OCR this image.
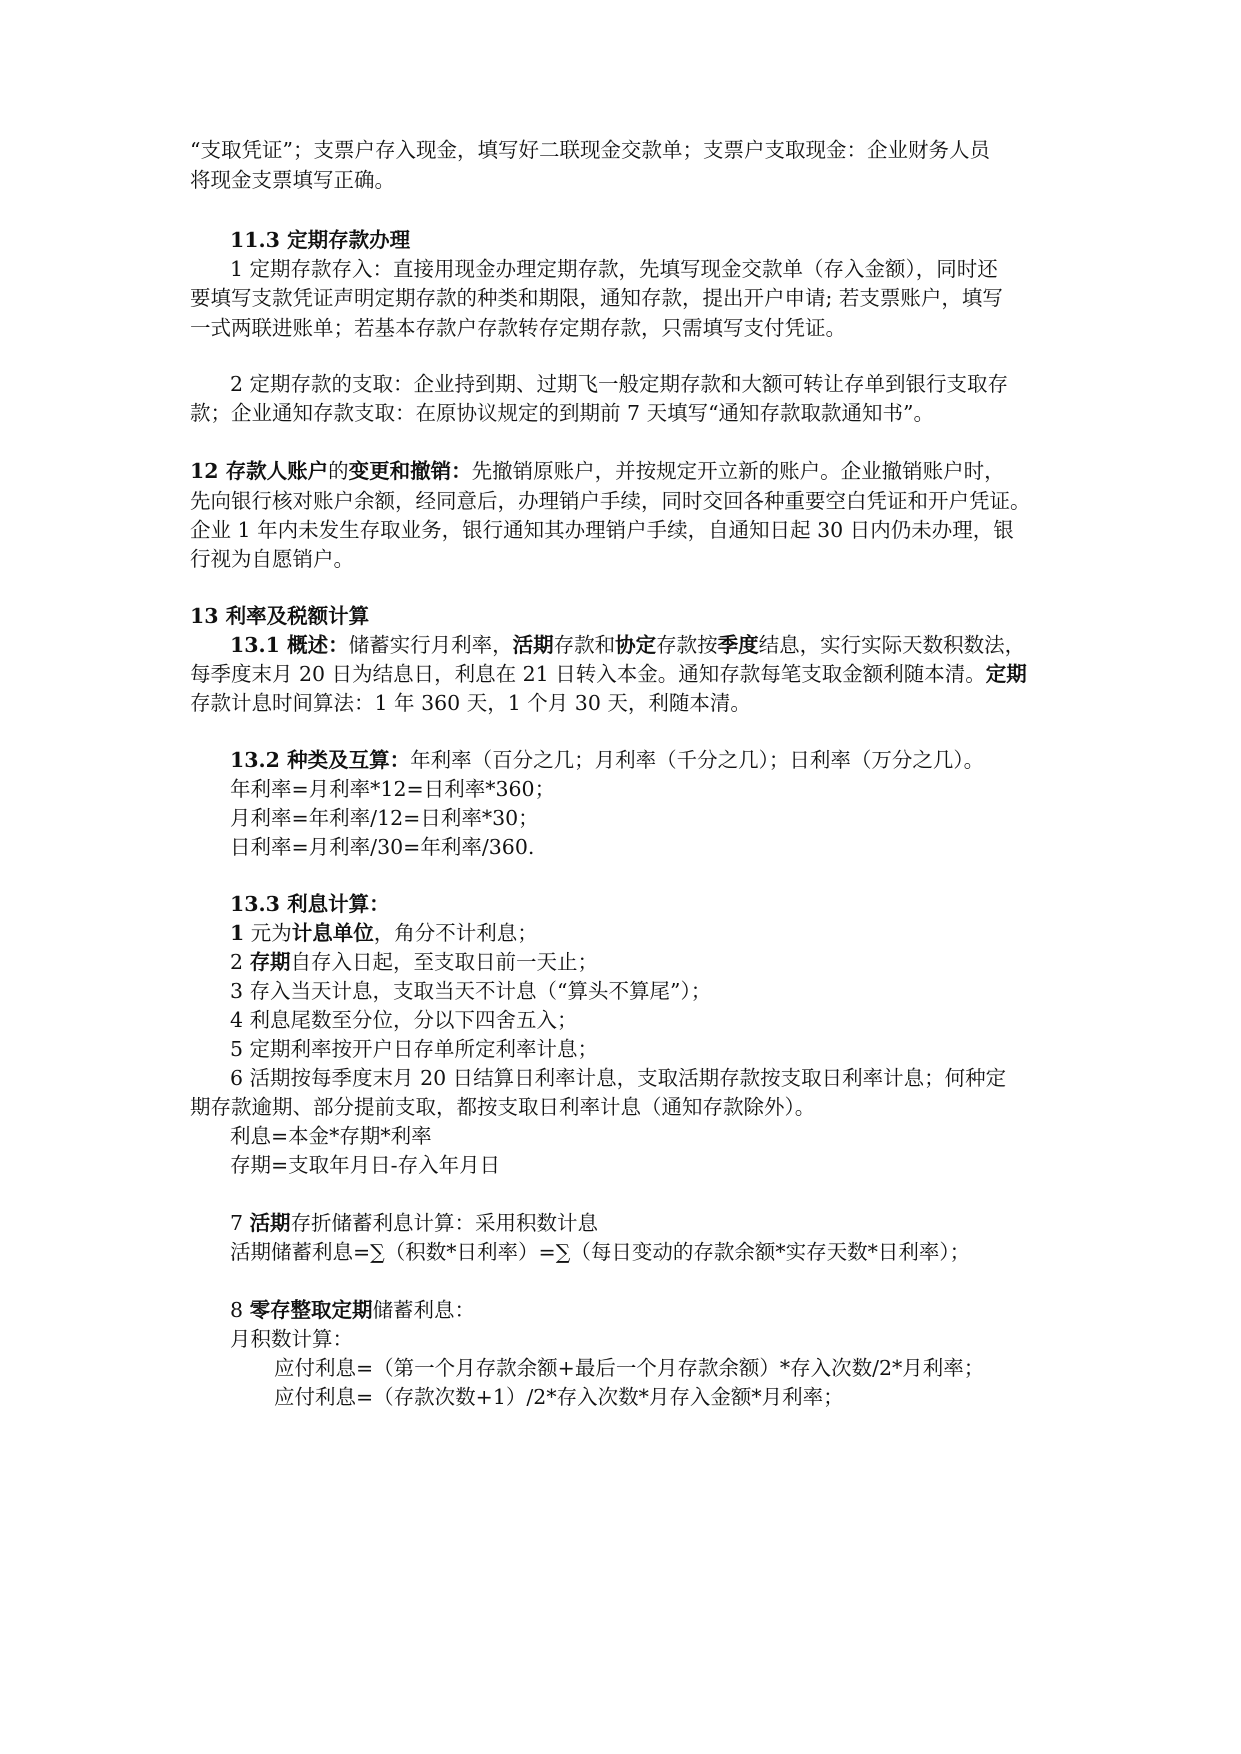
“支取凭证”；支票户存入现金，填写好二联现金交款单；支票户支取现金：企业财务人员
将现金支票填写正确。
11.3 定期存款办理
1 定期存款存入：直接用现金办理定期存款，先填写现金交款单（存入金额），同时还
要填写支款凭证声明定期存款的种类和期限，通知存款，提出开户申请; 若支票账户，填写
一式两联进账单；若基本存款户存款转存定期存款，只需填写支付凭证。
2 定期存款的支取：企业持到期、过期飞一般定期存款和大额可转让存单到银行支取存
款；企业通知存款支取：在原协议规定的到期前 7 天填写“通知存款取款通知书”。
12 存款人账户的变更和撤销：先撤销原账户，并按规定开立新的账户。企业撤销账户时，
先向银行核对账户余额，经同意后，办理销户手续，同时交回各种重要空白凭证和开户凭证。
企业 1 年内未发生存取业务，银行通知其办理销户手续，自通知日起 30 日内仍未办理，银
行视为自愿销户。
13 利率及税额计算
13.1 概述：储蓄实行月利率，活期存款和协定存款按季度结息，实行实际天数积数法，
每季度末月 20 日为结息日，利息在 21 日转入本金。通知存款每笔支取金额利随本清。定期
存款计息时间算法：1 年 360 天，1 个月 30 天，利随本清。
13.2 种类及互算：年利率（百分之几；月利率（千分之几）；日利率（万分之几）。
年利率=月利率*12=日利率*360；
月利率=年利率/12=日利率*30；
日利率=月利率/30=年利率/360.
13.3 利息计算：
1 元为计息单位，角分不计利息；
2 存期自存入日起，至支取日前一天止；
3 存入当天计息，支取当天不计息（“算头不算尾”）；
4 利息尾数至分位，分以下四舍五入；
5 定期利率按开户日存单所定利率计息；
6 活期按每季度末月 20 日结算日利率计息，支取活期存款按支取日利率计息；何种定
期存款逾期、部分提前支取，都按支取日利率计息（通知存款除外）。
利息=本金*存期*利率
存期=支取年月日-存入年月日
7 活期存折储蓄利息计算：采用积数计息
活期储蓄利息=∑（积数*日利率）=∑（每日变动的存款余额*实存天数*日利率）；
8 零存整取定期储蓄利息：
月积数计算：
应付利息=（第一个月存款余额+最后一个月存款余额）*存入次数/2*月利率；
应付利息=（存款次数+1）/2*存入次数*月存入金额*月利率；
